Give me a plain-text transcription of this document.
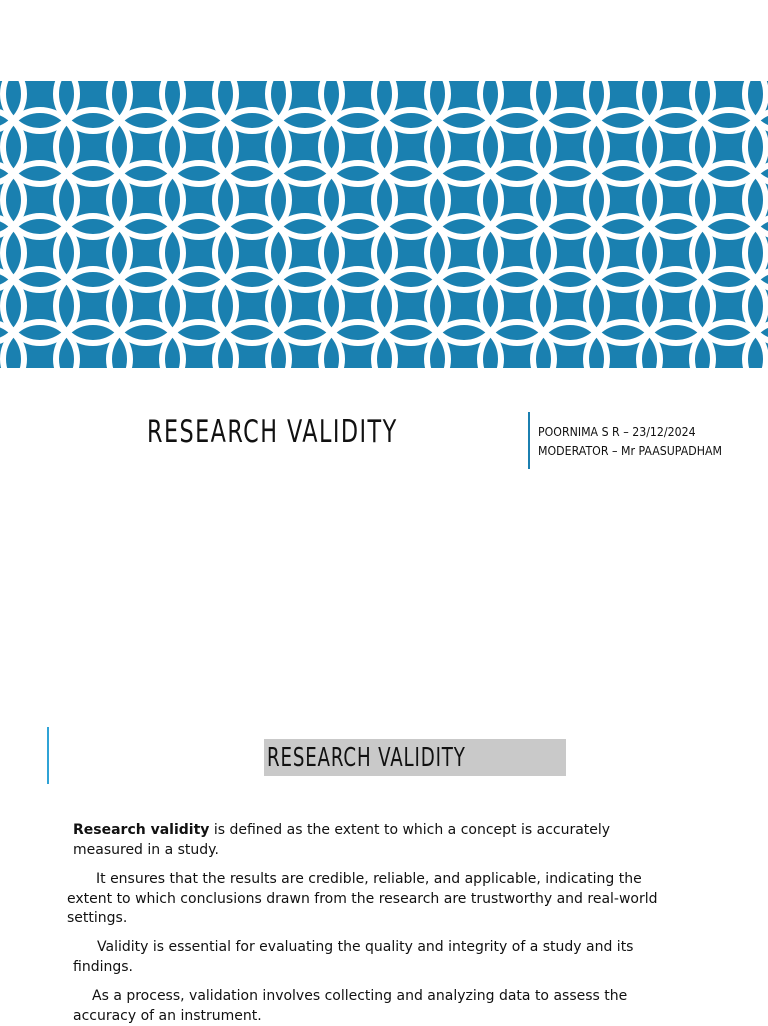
RESEARCH VALIDITY	POORNIMA S R – 23/12/2024
MODERATOR – Mr PAASUPADHAM
RESEARCH VALIDITY
Research validity is defined as the extent to which a concept is accurately measured in a study.
It ensures that the results are credible, reliable, and applicable, indicating the extent to which conclusions drawn from the research are trustworthy and real-world settings.
Validity is essential for evaluating the quality and integrity of a study and its findings.
As a process, validation involves collecting and analyzing data to assess the accuracy of an instrument.
